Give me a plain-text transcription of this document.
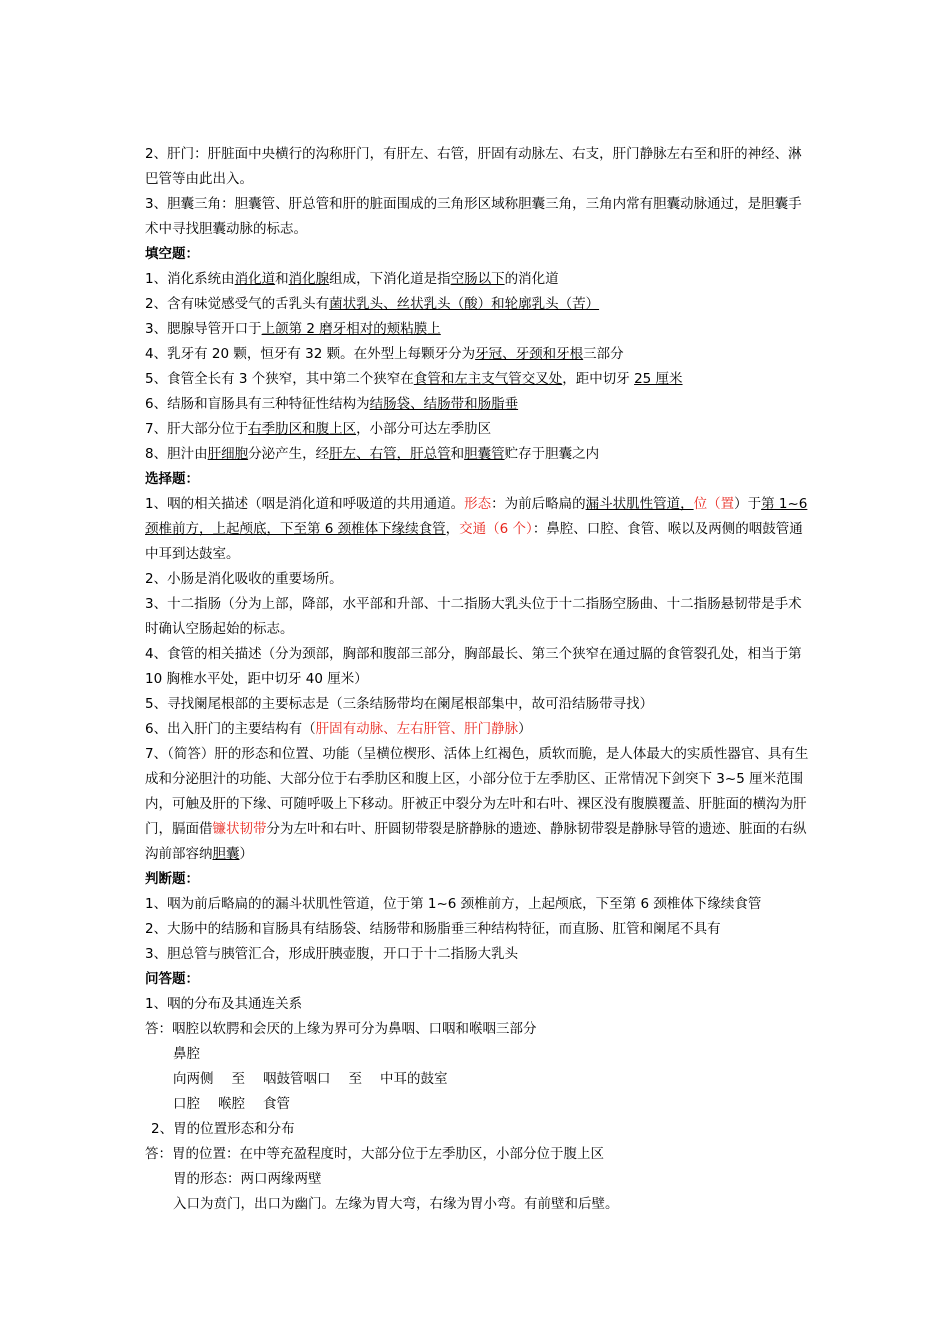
2、肝门：肝脏面中央横行的沟称肝门，有肝左、右管，肝固有动脉左、右支，肝门静脉左右至和肝的神经、淋巴管等由此出入。

3、胆囊三角：胆囊管、肝总管和肝的脏面围成的三角形区域称胆囊三角，三角内常有胆囊动脉通过，是胆囊手术中寻找胆囊动脉的标志。

填空题：

1、消化系统由消化道和消化腺组成，下消化道是指空肠以下的消化道

2、含有味觉感受气的舌乳头有菌状乳头、丝状乳头（酸）和轮廓乳头（苦）

3、腮腺导管开口于上颌第 2 磨牙相对的颊粘膜上

4、乳牙有 20 颗，恒牙有 32 颗。在外型上每颗牙分为牙冠、牙颈和牙根三部分

5、食管全长有 3 个狭窄，其中第二个狭窄在食管和左主支气管交叉处，距中切牙 25 厘米

6、结肠和盲肠具有三种特征性结构为结肠袋、结肠带和肠脂垂

7、肝大部分位于右季肋区和腹上区，小部分可达左季肋区

8、胆汁由肝细胞分泌产生，经肝左、右管，肝总管和胆囊管贮存于胆囊之内

选择题：

1、咽的相关描述（咽是消化道和呼吸道的共用通道。形态：为前后略扁的漏斗状肌性管道，位（置）于第 1~6 颈椎前方，上起颅底，下至第 6 颈椎体下缘续食管，交通（6 个）：鼻腔、口腔、食管、喉以及两侧的咽鼓管通中耳到达鼓室。

2、小肠是消化吸收的重要场所。

3、十二指肠（分为上部，降部，水平部和升部、十二指肠大乳头位于十二指肠空肠曲、十二指肠悬韧带是手术时确认空肠起始的标志。

4、食管的相关描述（分为颈部，胸部和腹部三部分，胸部最长、第三个狭窄在通过膈的食管裂孔处，相当于第 10 胸椎水平处，距中切牙 40 厘米）

5、寻找阑尾根部的主要标志是（三条结肠带均在阑尾根部集中，故可沿结肠带寻找）

6、出入肝门的主要结构有（肝固有动脉、左右肝管、肝门静脉）

7、（简答）肝的形态和位置、功能（呈横位楔形、活体上红褐色，质软而脆，是人体最大的实质性器官、具有生成和分泌胆汁的功能、大部分位于右季肋区和腹上区，小部分位于左季肋区、正常情况下剑突下 3~5 厘米范围内，可触及肝的下缘、可随呼吸上下移动。肝被正中裂分为左叶和右叶、裸区没有腹膜覆盖、肝脏面的横沟为肝门，膈面借镰状韧带分为左叶和右叶、肝圆韧带裂是脐静脉的遗迹、静脉韧带裂是静脉导管的遗迹、脏面的右纵沟前部容纳胆囊）

判断题：

1、咽为前后略扁的的漏斗状肌性管道，位于第 1~6 颈椎前方，上起颅底，下至第 6 颈椎体下缘续食管

2、大肠中的结肠和盲肠具有结肠袋、结肠带和肠脂垂三种结构特征，而直肠、肛管和阑尾不具有

3、胆总管与胰管汇合，形成肝胰壶腹，开口于十二指肠大乳头

问答题：

1、咽的分布及其通连关系

答：咽腔以软腭和会厌的上缘为界可分为鼻咽、口咽和喉咽三部分

鼻腔

向两侧 至 咽鼓管咽口 至 中耳的鼓室

口腔 喉腔 食管

2、胃的位置形态和分布

答：胃的位置：在中等充盈程度时，大部分位于左季肋区，小部分位于腹上区

胃的形态：两口两缘两壁

入口为贲门，出口为幽门。左缘为胃大弯，右缘为胃小弯。有前壁和后壁。
